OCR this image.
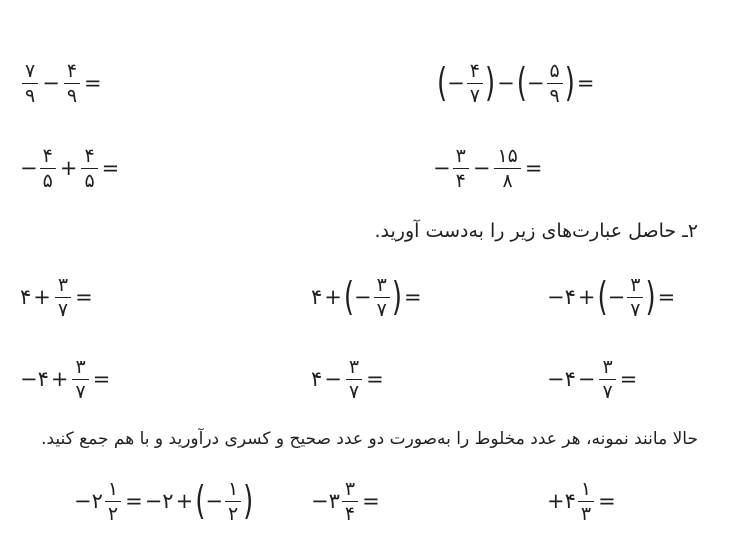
$\frac{۷}{۹} - \frac{۴}{۹}$ =	( − $\frac{۴}{۷}$ ) − ( − $\frac{۵}{۹}$ ) =
− $\frac{۴}{۵} + \frac{۴}{۵}$ =	− $\frac{۳}{۴} - \frac{۱۵}{۸}$ =
۲ـ حاصل عبارت‌های زیر را به‌دست آورید.
۴ + $\frac{۳}{۷}$ =	۴ + ( − $\frac{۳}{۷}$ ) =	−۴ + ( − $\frac{۳}{۷}$ ) =
−۴ + $\frac{۳}{۷}$ =	۴ − $\frac{۳}{۷}$ =	−۴ − $\frac{۳}{۷}$ =
حالا مانند نمونه، هر عدد مخلوط را به‌صورت دو عدد صحیح و کسری درآورید و با هم جمع کنید.
−۲ $\frac{۱}{۲}$ = −۲ + ( − $\frac{۱}{۲}$ )	−۳ $\frac{۳}{۴}$ =	+۴ $\frac{۱}{۳}$ =
